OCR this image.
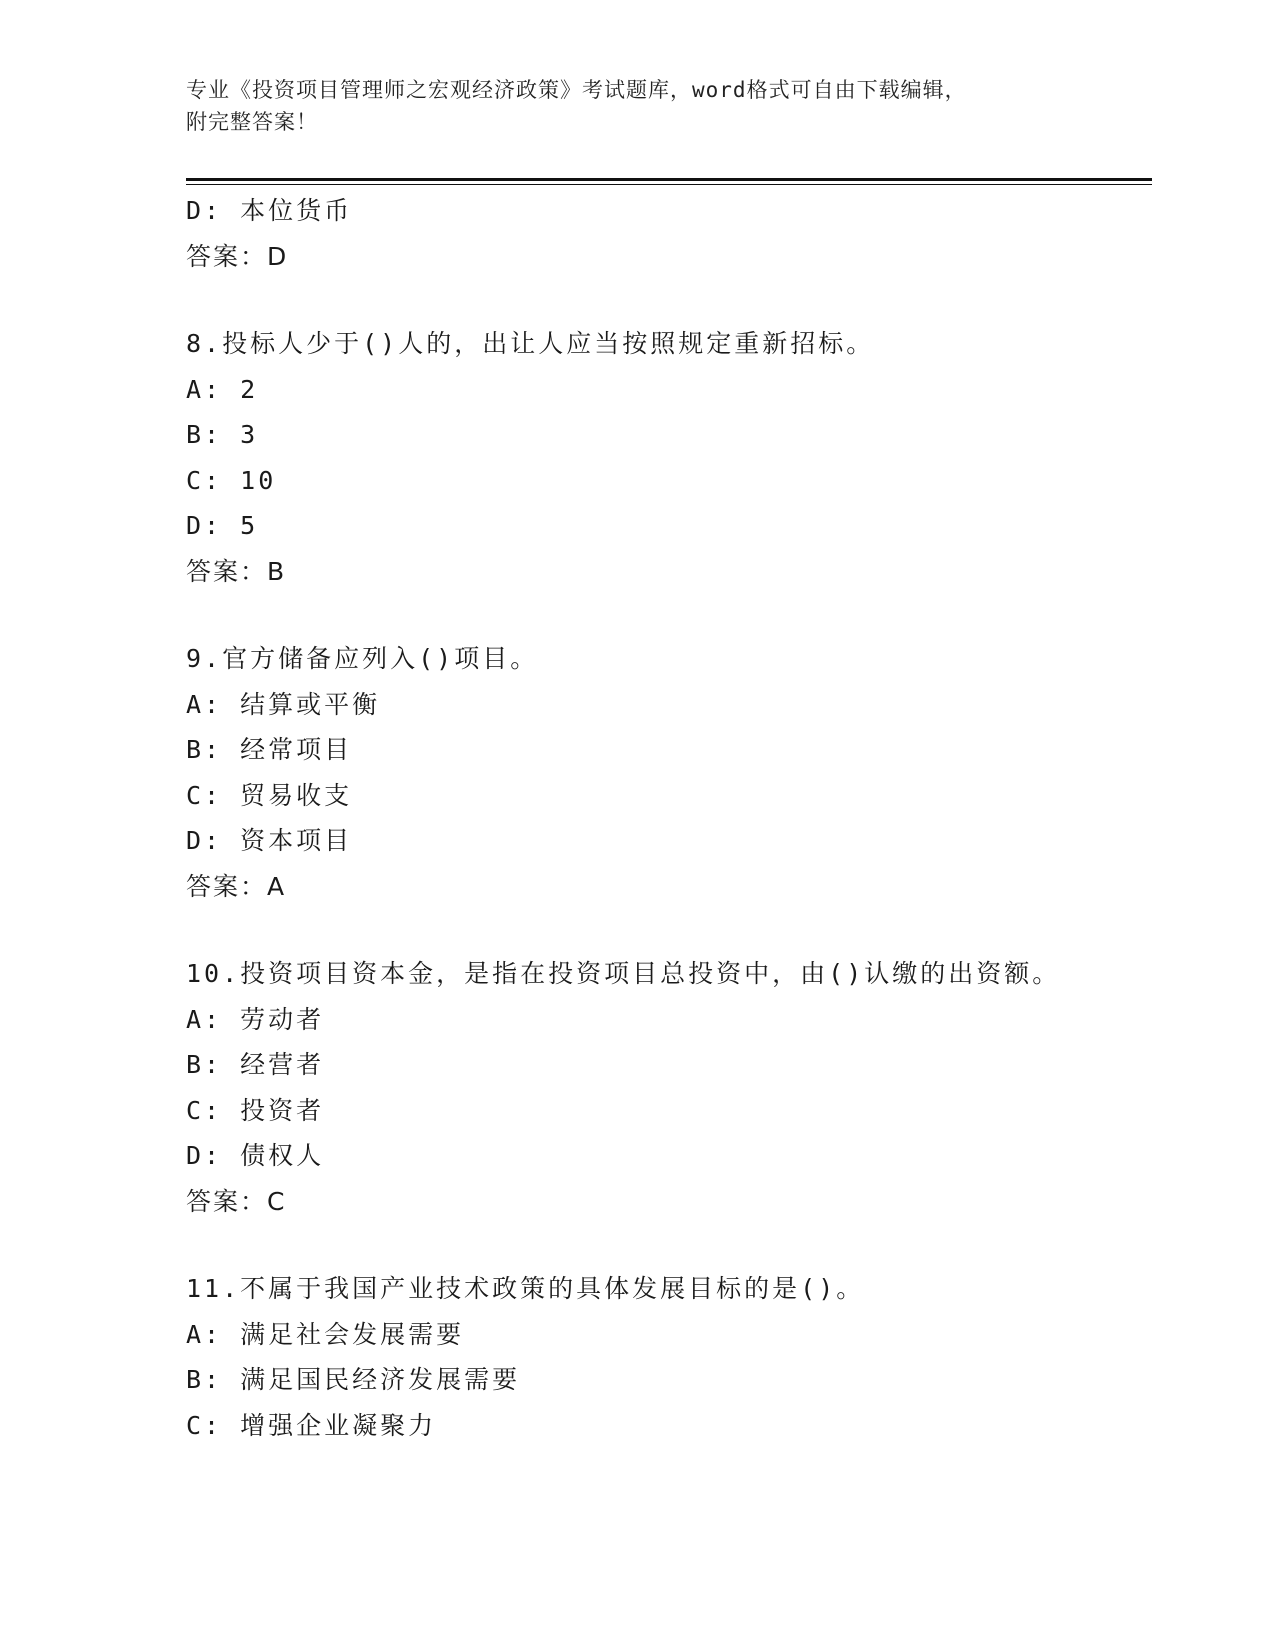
专业《投资项目管理师之宏观经济政策》考试题库，word格式可自由下载编辑，
附完整答案！
D: 本位货币
答案：D
8.投标人少于()人的，出让人应当按照规定重新招标。
A: 2
B: 3
C: 10
D: 5
答案：B
9.官方储备应列入()项目。
A: 结算或平衡
B: 经常项目
C: 贸易收支
D: 资本项目
答案：A
10.投资项目资本金，是指在投资项目总投资中，由()认缴的出资额。
A: 劳动者
B: 经营者
C: 投资者
D: 债权人
答案：C
11.不属于我国产业技术政策的具体发展目标的是()。
A: 满足社会发展需要
B: 满足国民经济发展需要
C: 增强企业凝聚力
